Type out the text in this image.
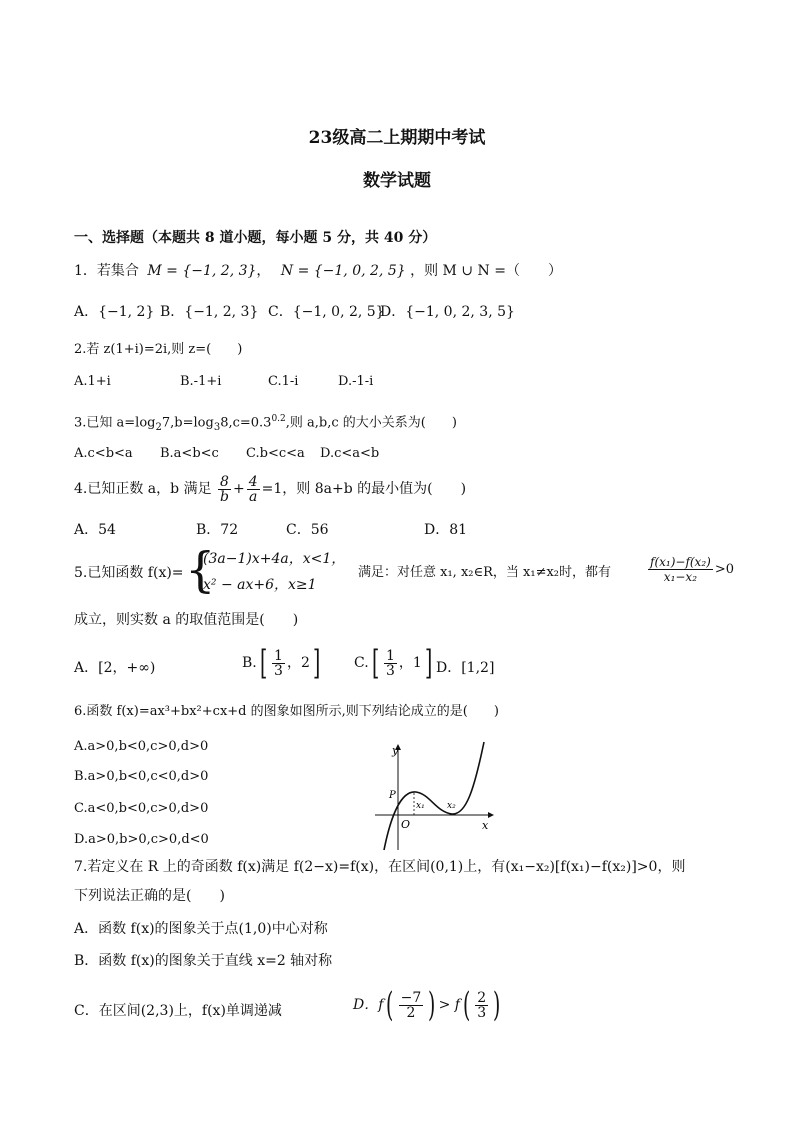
23级高二上期期中考试
数学试题
一、选择题（本题共 8 道小题，每小题 5 分，共 40 分）
1．若集合 M = {−1, 2, 3}， N = {−1, 0, 2, 5} ，则 M ∪ N =（　　）
A．{−1, 2} B．{−1, 2, 3} C．{−1, 0, 2, 5}
D．{−1, 0, 2, 3, 5}
2.若 z(1+i)=2i,则 z=(　　)
A.1+i	B.-1+i	C.1-i	D.-1-i
3.已知 $a=\log_27,b=\log_38,c=0.3^{0.2}$,则 a,b,c 的大小关系为(　　)
A.c<b<a B.a<b<c C.b<c<a D.c<a<b
4.已知正数 a，b 满足 $\frac{8}{b} + \frac{4}{a} =1$，则 8a+b 的最小值为(　　)
A．54	B．72	C．56	D．81
5.已知函数 f(x)= {
(3a−1)x+4a，x<1，
x² − ax+6，x≥1
满足：对任意 x₁, x₂∈R，当 x₁≠x₂时，都有	$\frac{\text{f(x₁)−f(x₂)}}{\text{x₁−x₂}} >0$
成立，则实数 a 的取值范围是(　　)
A．[2，+∞)	B. [ $\frac{1}{3}$ ， 2 ] C. [ $\frac{1}{3}$ ， 1 ] D．[1,2]
6.函数 f(x)=ax³+bx²+cx+d 的图象如图所示,则下列结论成立的是(　　)
A.a>0,b<0,c>0,d>0
B.a>0,b<0,c<0,d>0
C.a<0,b<0,c>0,d>0
D.a>0,b>0,c>0,d<0
y
x
O
P
x₁ x₂
7.若定义在 R 上的奇函数 f(x)满足 f(2−x)=f(x)，在区间(0,1)上，有(x₁−x₂)[f(x₁)−f(x₂)]>0，则
下列说法正确的是(　　)
A．函数 f(x)的图象关于点(1,0)中心对称
B．函数 f(x)的图象关于直线 x=2 轴对称
C．在区间(2,3)上，f(x)单调递减	D．f ( $\frac{-7}{2}$ ) > f ( $\frac{2}{3}$ )
